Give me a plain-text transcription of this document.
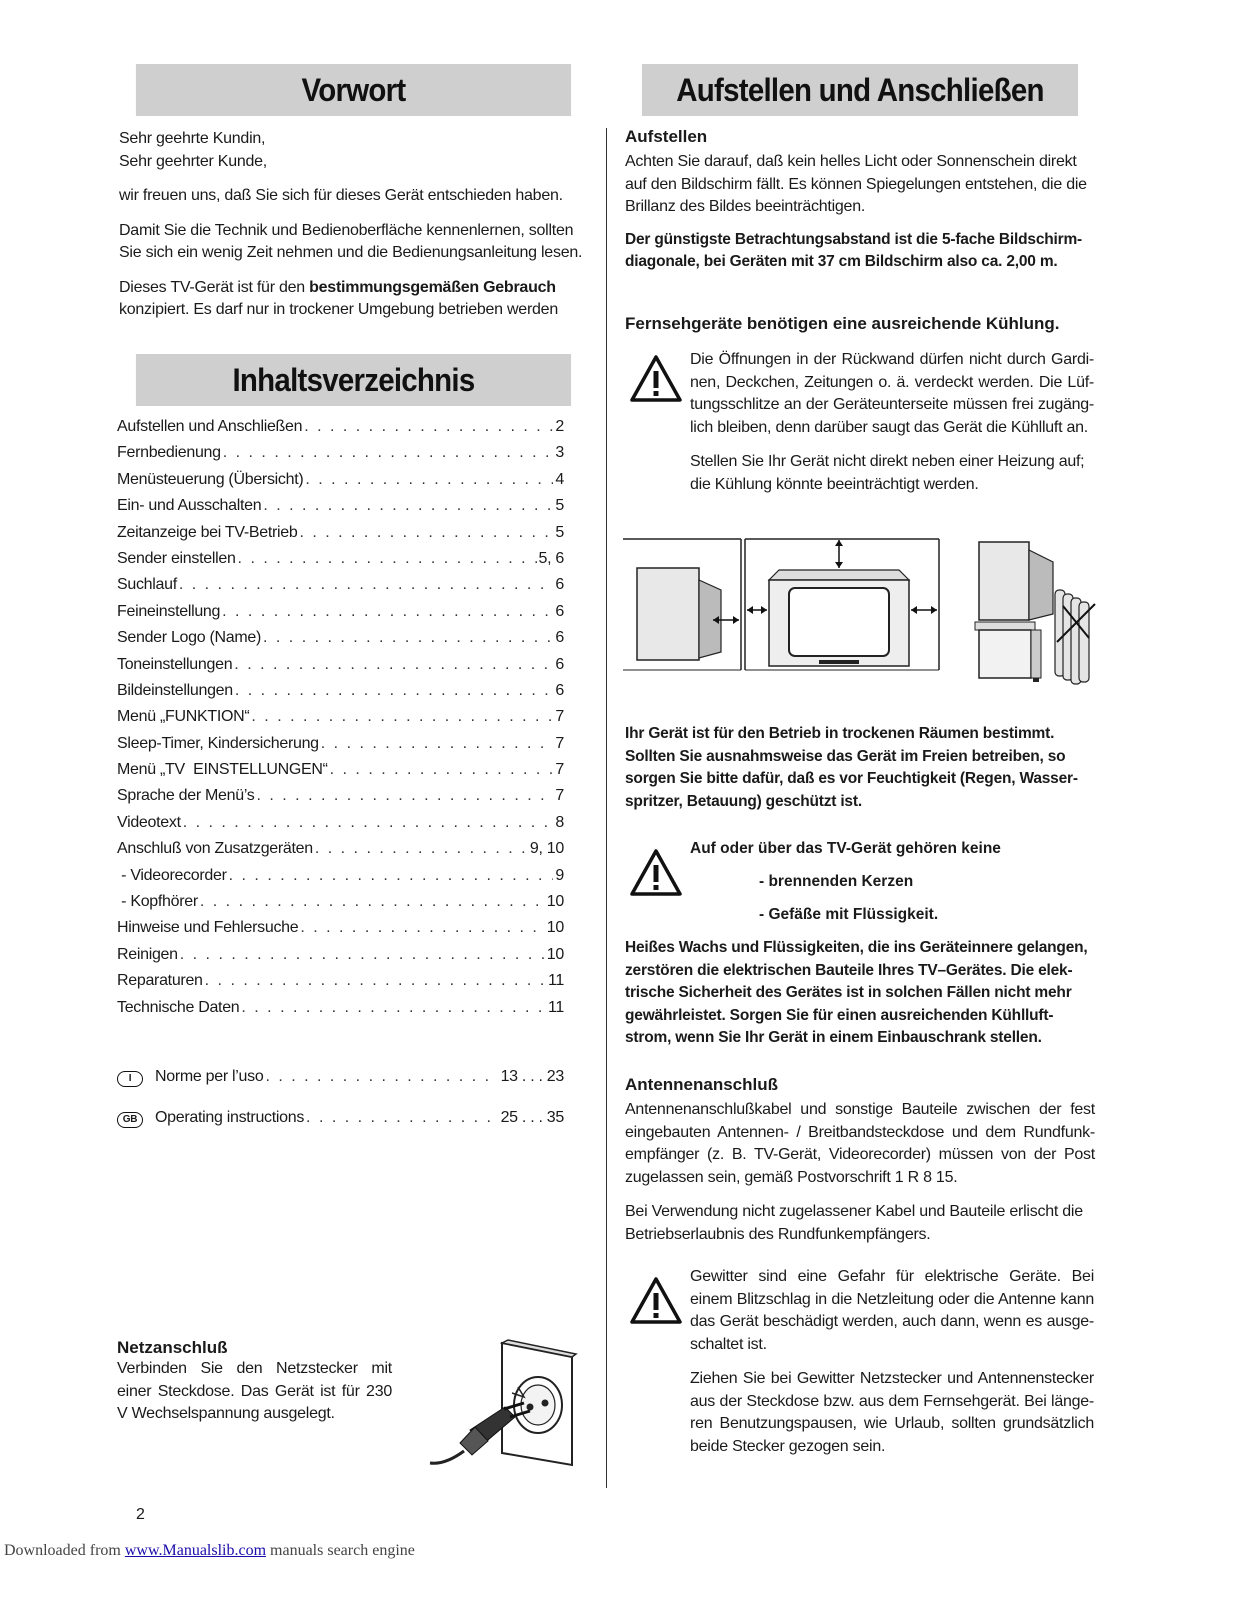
Vorwort

Sehr geehrte Kundin,

Sehr geehrter Kunde,

wir freuen uns, daß Sie sich für dieses Gerät entschieden haben.

Damit Sie die Technik und Bedienoberfläche kennenlernen, sollten Sie sich ein wenig Zeit nehmen und die Bedienungsanleitung lesen.

Dieses TV-Gerät ist für den bestimmungsgemäßen Gebrauch konzipiert. Es darf nur in trockener Umgebung betrieben werden

Inhaltsverzeichnis
Aufstellen und Anschließen . . .	2
Fernbedienung . . .	3
Menüsteuerung (Übersicht) . . .	4
Ein- und Ausschalten . . .	5
Zeitanzeige bei TV-Betrieb . . .	5
Sender einstellen . . .	5, 6
Suchlauf . . .	6
Feineinstellung . . .	6
Sender Logo (Name) . . .	6
Toneinstellungen . . .	6
Bildeinstellungen . . .	6
Menü „FUNKTION“ . . .	7
Sleep-Timer, Kindersicherung . . .	7
Menü „TV  EINSTELLUNGEN“ . . .	7
Sprache der Menü’s . . .	7
Videotext . . .	8
Anschluß von Zusatzgeräten . . .	9, 10
- Videorecorder . . .	9
- Kopfhörer . . .	10
Hinweise und Fehlersuche . . .	10
Reinigen . . .	10
Reparaturen . . .	11
Technische Daten . . .	11
I	Norme per l’uso . . .	13 . . . 23
GB	Operating instructions . . .	25 . . . 35

Netzanschluß

Verbinden Sie den Netzstecker mit einer Steckdose. Das Gerät ist für 230 V Wechselspannung ausgelegt.

2
Aufstellen und Anschließen

Aufstellen

Achten Sie darauf, daß kein helles Licht oder Sonnenschein direkt auf den Bildschirm fällt. Es können Spiegelungen entstehen, die die Brillanz des Bildes beeinträchtigen.

Der günstigste Betrachtungsabstand ist die 5-fache Bildschirm-diagonale, bei Geräten mit 37 cm Bildschirm also ca. 2,00 m.

Fernsehgeräte benötigen eine ausreichende Kühlung.

Die Öffnungen in der Rückwand dürfen nicht durch Gardi-nen, Deckchen, Zeitungen o. ä. verdeckt werden. Die Lüf-tungsschlitze an der Geräteunterseite müssen frei zugäng-lich bleiben, denn darüber saugt das Gerät die Kühlluft an.

Stellen Sie Ihr Gerät nicht direkt neben einer Heizung auf; die Kühlung könnte beeinträchtigt werden.

Ihr Gerät ist für den Betrieb in trockenen Räumen bestimmt. Sollten Sie ausnahmsweise das Gerät im Freien betreiben, so sorgen Sie bitte dafür, daß es vor Feuchtigkeit (Regen, Wasser-spritzer, Betauung) geschützt ist.

Auf oder über das TV-Gerät gehören keine
- brennenden Kerzen
- Gefäße mit Flüssigkeit.

Heißes Wachs und Flüssigkeiten, die ins Geräteinnere gelangen, zerstören die elektrischen Bauteile Ihres TV–Gerätes. Die elek-trische Sicherheit des Gerätes ist in solchen Fällen nicht mehr gewährleistet. Sorgen Sie für einen ausreichenden Kühlluft-strom, wenn Sie Ihr Gerät in einem Einbauschrank stellen.

Antennenanschluß

Antennenanschlußkabel und sonstige Bauteile zwischen der fest eingebauten Antennen- / Breitbandsteckdose und dem Rundfunk-empfänger (z. B. TV-Gerät, Videorecorder) müssen von der Post zugelassen sein, gemäß Postvorschrift 1 R 8 15.

Bei Verwendung nicht zugelassener Kabel und Bauteile erlischt die Betriebserlaubnis des Rundfunkempfängers.

Gewitter sind eine Gefahr für elektrische Geräte. Bei einem Blitzschlag in die Netzleitung oder die Antenne kann das Gerät beschädigt werden, auch dann, wenn es ausge-schaltet ist.

Ziehen Sie bei Gewitter Netzstecker und Antennenstecker aus der Steckdose bzw. aus dem Fernsehgerät. Bei länge-ren Benutzungspausen, wie Urlaub, sollten grundsätzlich beide Stecker gezogen sein.

Downloaded from www.Manualslib.com manuals search engine
